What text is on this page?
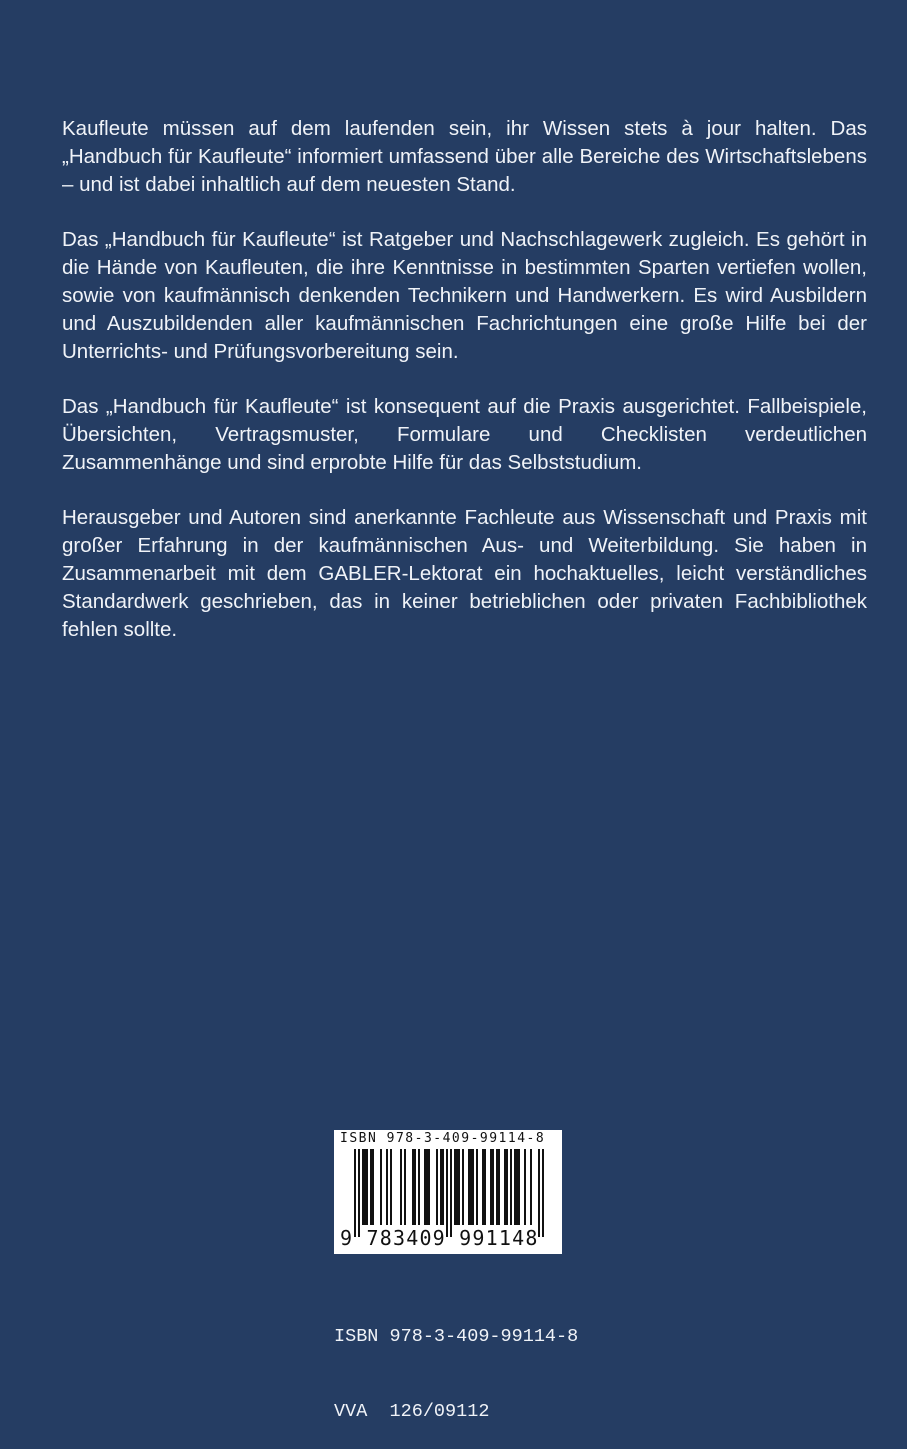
Kaufleute müssen auf dem laufenden sein, ihr Wissen stets à jour halten. Das „Handbuch für Kaufleute“ informiert umfassend über alle Bereiche des Wirtschaftslebens – und ist dabei inhaltlich auf dem neuesten Stand.

Das „Handbuch für Kaufleute“ ist Ratgeber und Nachschlagewerk zugleich. Es gehört in die Hände von Kaufleuten, die ihre Kenntnisse in bestimmten Sparten vertiefen wollen, sowie von kaufmännisch denkenden Technikern und Handwerkern. Es wird Ausbildern und Auszubildenden aller kaufmännischen Fachrichtungen eine große Hilfe bei der Unterrichts- und Prüfungsvorbereitung sein.

Das „Handbuch für Kaufleute“ ist konsequent auf die Praxis ausgerichtet. Fallbeispiele, Übersichten, Vertragsmuster, Formulare und Checklisten verdeutlichen Zusammenhänge und sind erprobte Hilfe für das Selbststudium.

Herausgeber und Autoren sind anerkannte Fachleute aus Wissenschaft und Praxis mit großer Erfahrung in der kaufmännischen Aus- und Weiterbildung. Sie haben in Zusammenarbeit mit dem GABLER-Lektorat ein hochaktuelles, leicht verständliches Standardwerk geschrieben, das in keiner betrieblichen oder privaten Fachbibliothek fehlen sollte.

ISBN 978-3-409-99114-8
9 783409 991148

ISBN 978-3-409-99114-8

VVA  126/09112
